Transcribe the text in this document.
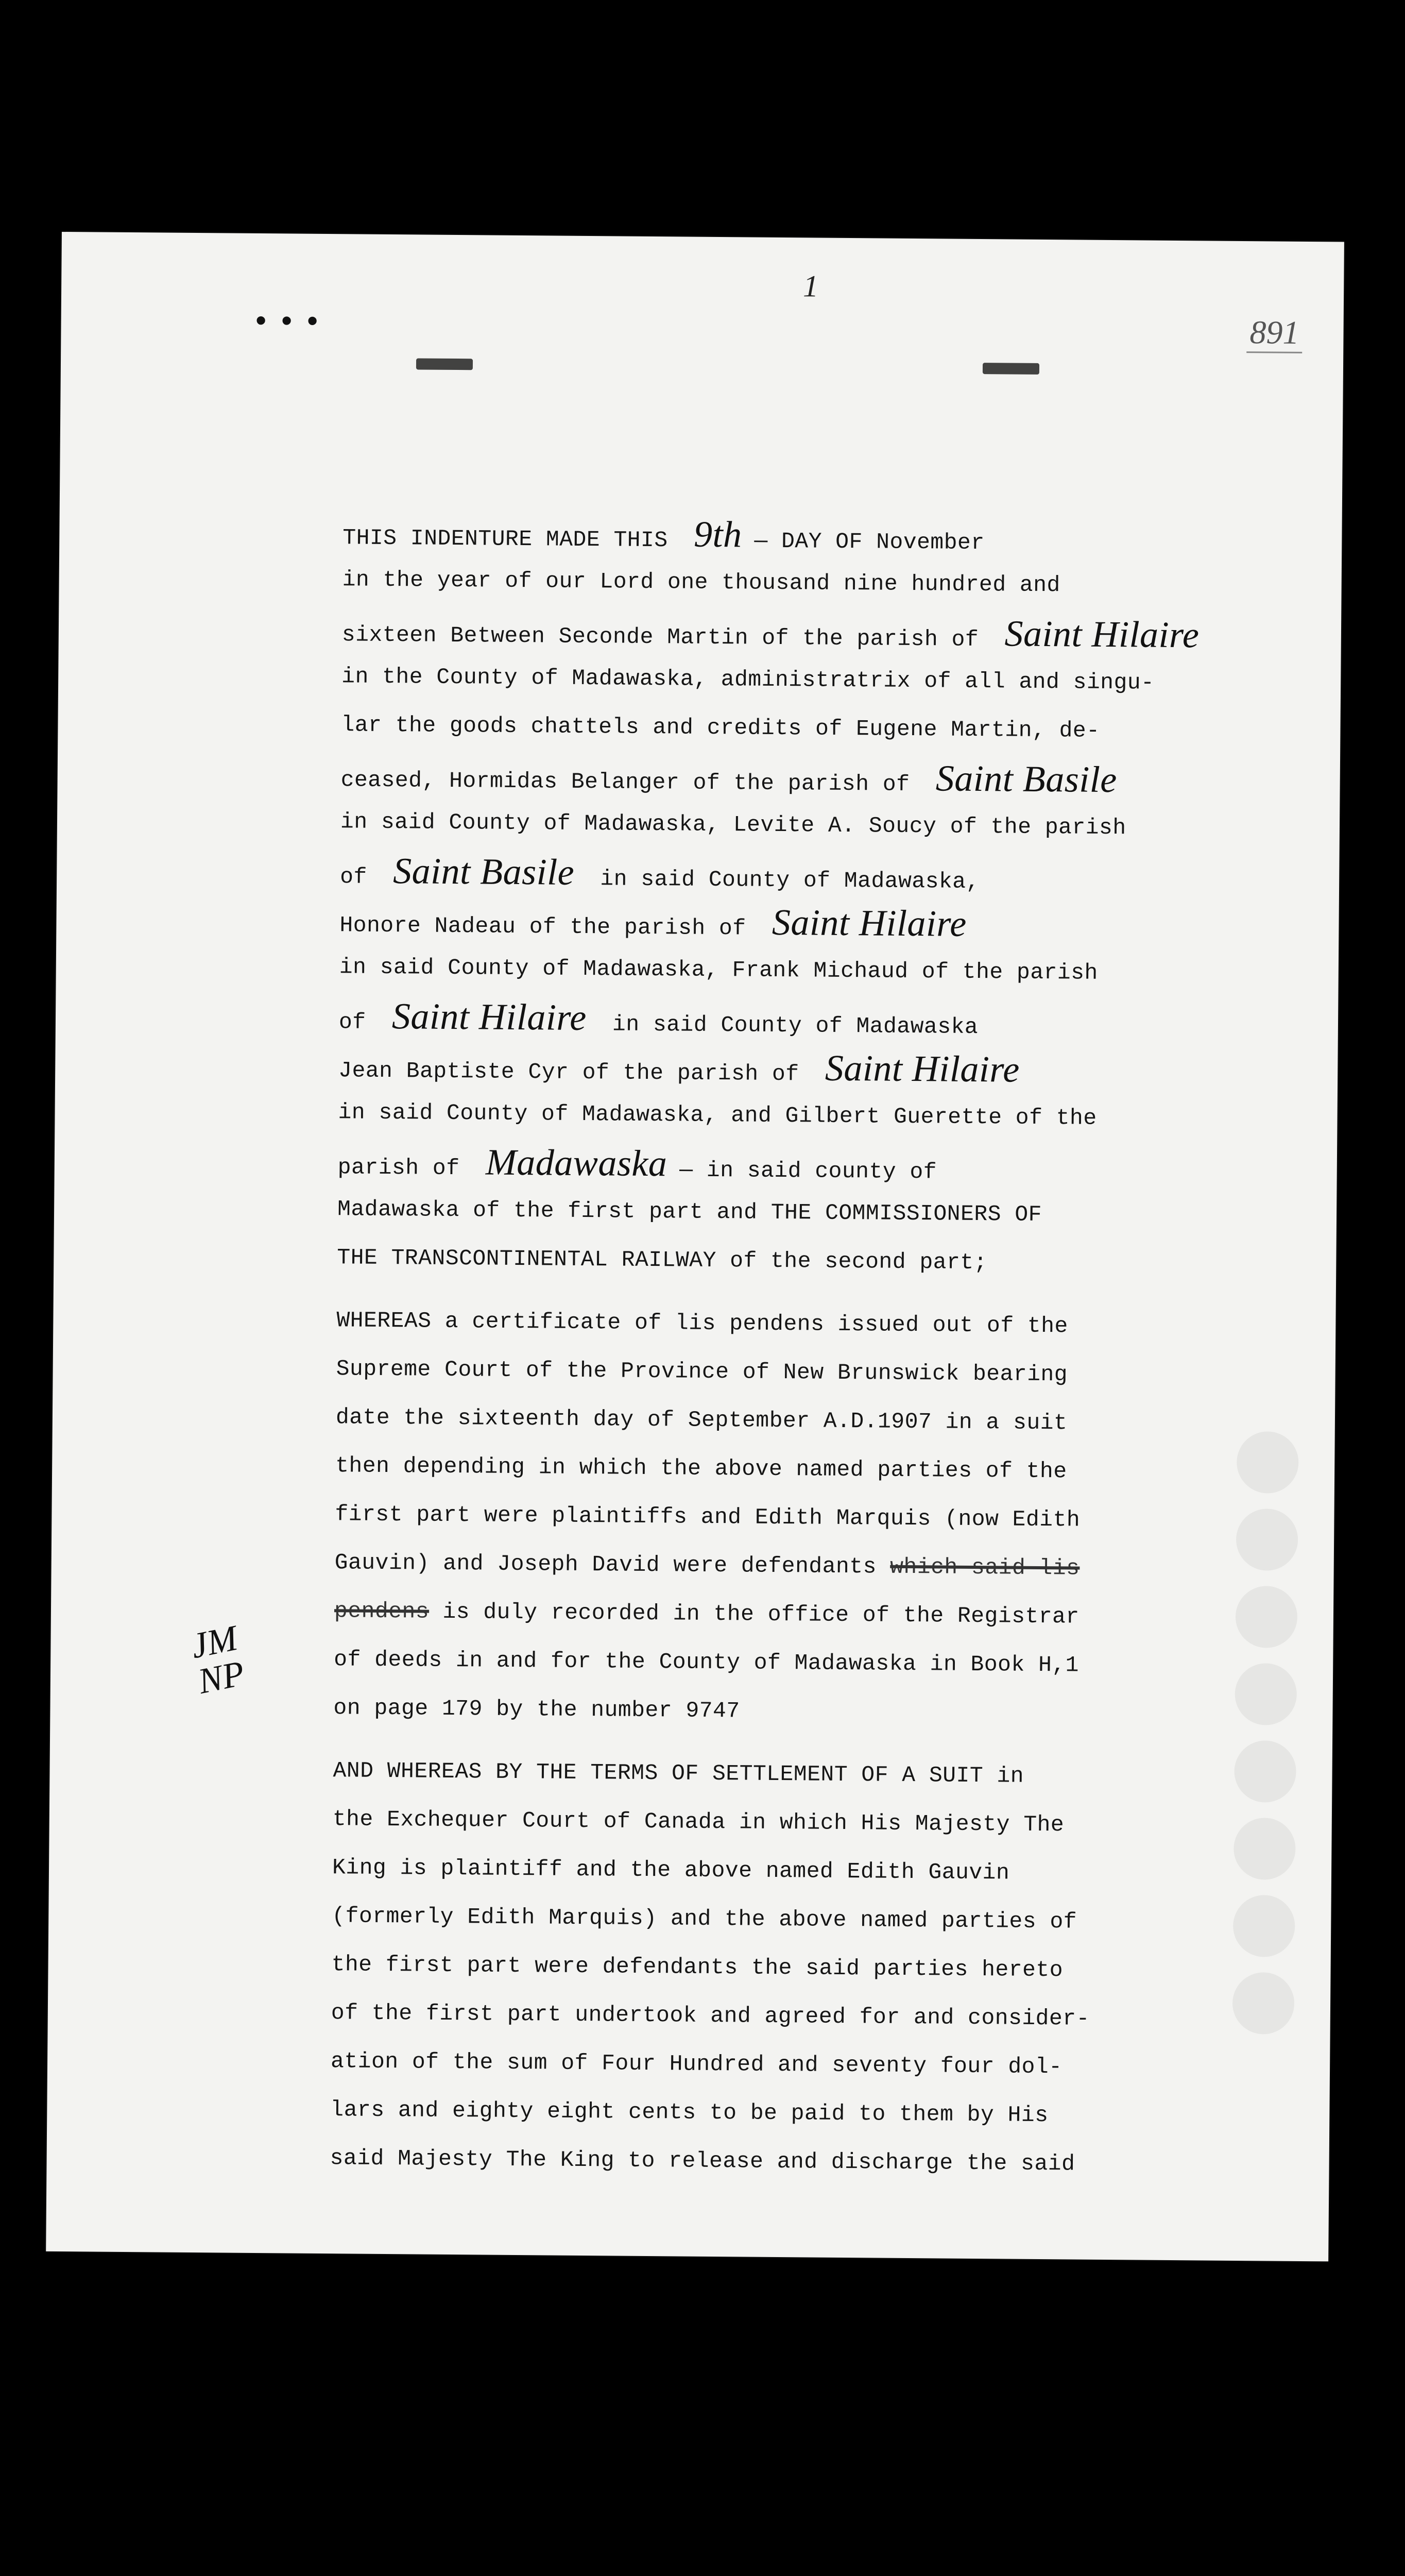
1
•••	891
JM
NP
THIS INDENTURE MADE THIS 9th — DAY OF November
in the year of our Lord one thousand nine hundred and
sixteen Between Seconde Martin of the parish of Saint Hilaire
in the County of Madawaska, administratrix of all and singu-
lar the goods chattels and credits of Eugene Martin, de-
ceased, Hormidas Belanger of the parish of Saint Basile
in said County of Madawaska, Levite A. Soucy of the parish
of Saint Basile in said County of Madawaska,
Honore Nadeau of the parish of Saint Hilaire
in said County of Madawaska, Frank Michaud of the parish
of Saint Hilaire in said County of Madawaska
Jean Baptiste Cyr of the parish of Saint Hilaire
in said County of Madawaska, and Gilbert Guerette of the
parish of Madawaska — in said county of
Madawaska of the first part and THE COMMISSIONERS OF
THE TRANSCONTINENTAL RAILWAY of the second part;
WHEREAS a certificate of lis pendens issued out of the
Supreme Court of the Province of New Brunswick bearing
date the sixteenth day of September A.D.1907 in a suit
then depending in which the above named parties of the
first part were plaintiffs and Edith Marquis (now Edith
Gauvin) and Joseph David were defendants which said lis
pendens is duly recorded in the office of the Registrar
of deeds in and for the County of Madawaska in Book H,1
on page 179 by the number 9747
AND WHEREAS BY THE TERMS OF SETTLEMENT OF A SUIT in
the Exchequer Court of Canada in which His Majesty The
King is plaintiff and the above named Edith Gauvin
(formerly Edith Marquis) and the above named parties of
the first part were defendants the said parties hereto
of the first part undertook and agreed for and consider-
ation of the sum of Four Hundred and seventy four dol-
lars and eighty eight cents to be paid to them by His
said Majesty The King to release and discharge the said
